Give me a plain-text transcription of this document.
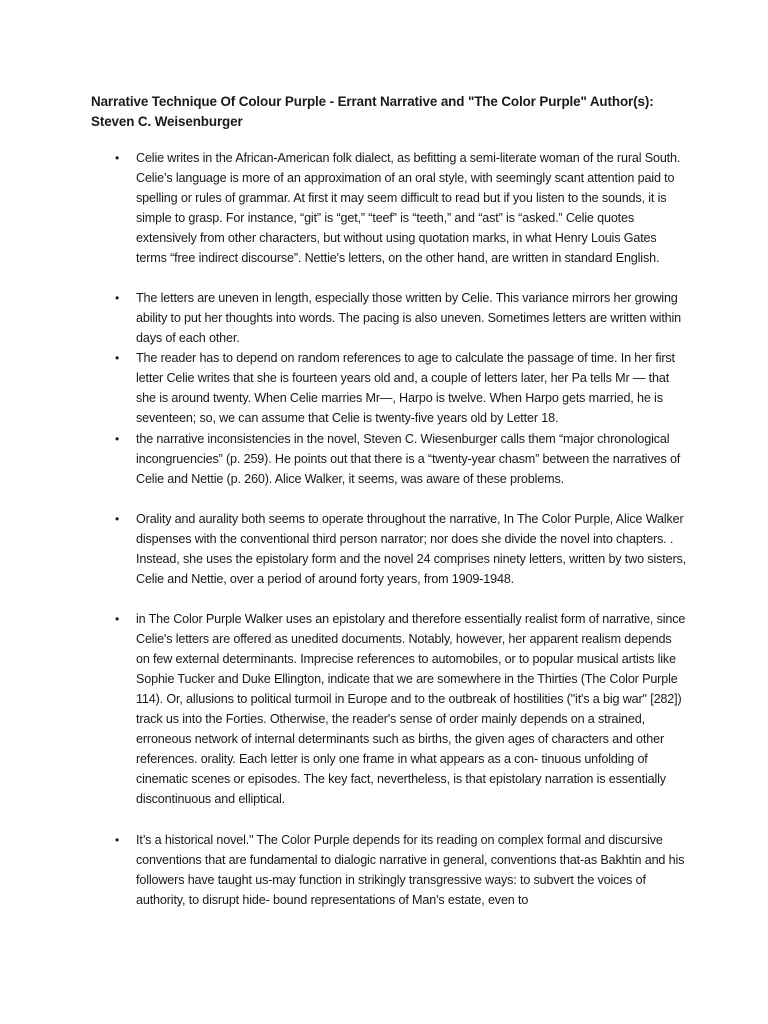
Narrative Technique Of Colour Purple - Errant Narrative and "The Color Purple" Author(s): Steven C. Weisenburger
• Celie writes in the African-American folk dialect, as befitting a semi-literate woman of the rural South. Celie’s language is more of an approximation of an oral style, with seemingly scant attention paid to spelling or rules of grammar. At first it may seem difficult to read but if you listen to the sounds, it is simple to grasp. For instance, “git” is “get,” “teef” is “teeth,” and “ast” is “asked.” Celie quotes extensively from other characters, but without using quotation marks, in what Henry Louis Gates terms “free indirect discourse”. Nettie's letters, on the other hand, are written in standard English.
• The letters are uneven in length, especially those written by Celie. This variance mirrors her growing ability to put her thoughts into words. The pacing is also uneven. Sometimes letters are written within days of each other.
• The reader has to depend on random references to age to calculate the passage of time. In her first letter Celie writes that she is fourteen years old and, a couple of letters later, her Pa tells Mr — that she is around twenty. When Celie marries Mr—, Harpo is twelve. When Harpo gets married, he is seventeen; so, we can assume that Celie is twenty-five years old by Letter 18.
• the narrative inconsistencies in the novel, Steven C. Wiesenburger calls them “major chronological incongruencies” (p. 259). He points out that there is a “twenty-year chasm” between the narratives of Celie and Nettie (p. 260). Alice Walker, it seems, was aware of these problems.
• Orality and aurality both seems to operate throughout the narrative, In The Color Purple, Alice Walker dispenses with the conventional third person narrator; nor does she divide the novel into chapters. . Instead, she uses the epistolary form and the novel 24 comprises ninety letters, written by two sisters, Celie and Nettie, over a period of around forty years, from 1909-1948.
• in The Color Purple Walker uses an epistolary and therefore essentially realist form of narrative, since Celie's letters are offered as unedited documents. Notably, however, her apparent realism depends on few external determinants. Imprecise references to automobiles, or to popular musical artists like Sophie Tucker and Duke Ellington, indicate that we are somewhere in the Thirties (The Color Purple 114). Or, allusions to political turmoil in Europe and to the outbreak of hostilities ("it's a big war" [282]) track us into the Forties. Otherwise, the reader's sense of order mainly depends on a strained, erroneous network of internal determinants such as births, the given ages of characters and other references. orality. Each letter is only one frame in what appears as a con- tinuous unfolding of cinematic scenes or episodes. The key fact, nevertheless, is that epistolary narration is essentially discontinuous and elliptical.
• It’s a historical novel." The Color Purple depends for its reading on complex formal and discursive conventions that are fundamental to dialogic narrative in general, conventions that-as Bakhtin and his followers have taught us-may function in strikingly transgressive ways: to subvert the voices of authority, to disrupt hide- bound representations of Man's estate, even to
